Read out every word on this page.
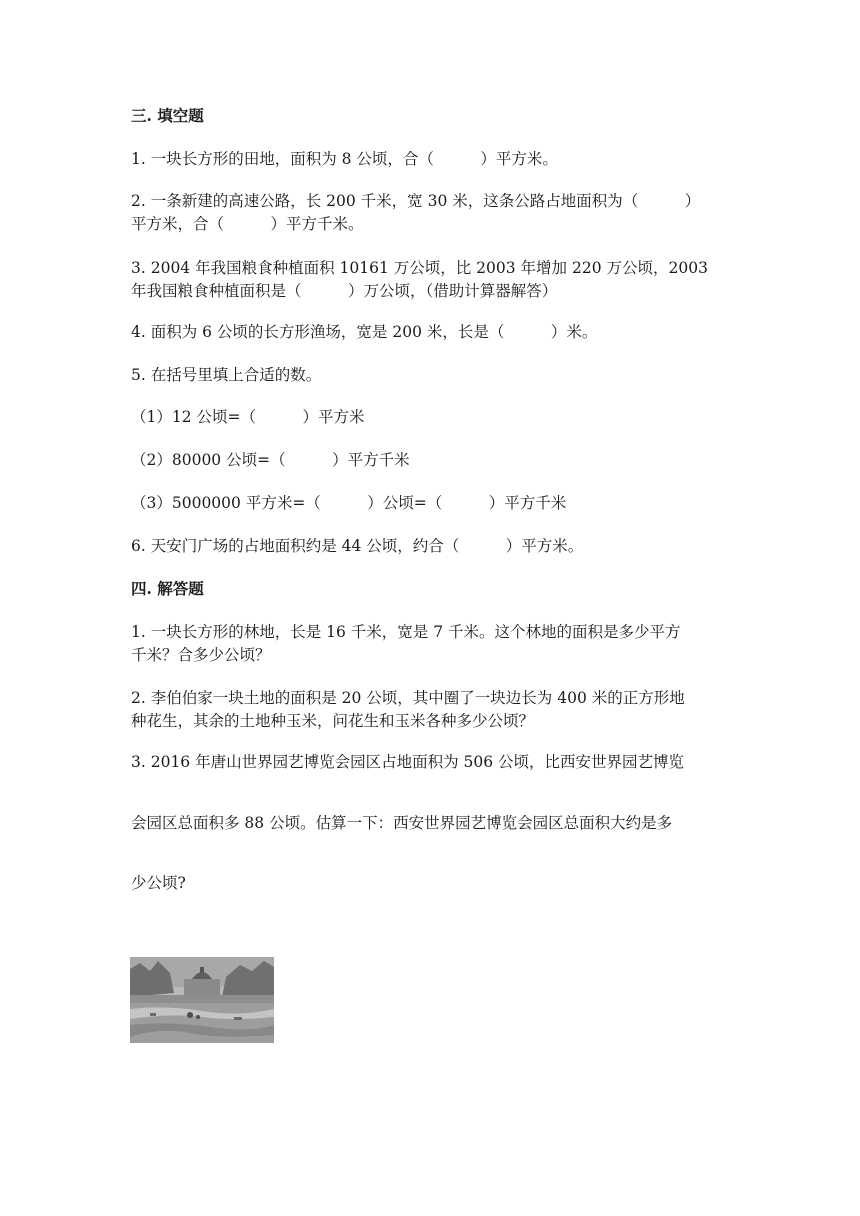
三. 填空题
1. 一块长方形的田地，面积为 8 公顷，合（　　　）平方米。
2. 一条新建的高速公路，长 200 千米，宽 30 米，这条公路占地面积为（　　　）
平方米，合（　　　）平方千米。
3. 2004 年我国粮食种植面积 10161 万公顷，比 2003 年增加 220 万公顷，2003
年我国粮食种植面积是（　　　）万公顷，（借助计算器解答）
4. 面积为 6 公顷的长方形渔场，宽是 200 米，长是（　　　）米。
5. 在括号里填上合适的数。
（1）12 公顷=（　　　）平方米
（2）80000 公顷=（　　　）平方千米
（3）5000000 平方米=（　　　）公顷=（　　　）平方千米
6. 天安门广场的占地面积约是 44 公顷，约合（　　　）平方米。
四. 解答题
1. 一块长方形的林地，长是 16 千米，宽是 7 千米。这个林地的面积是多少平方
千米？合多少公顷？
2. 李伯伯家一块土地的面积是 20 公顷，其中圈了一块边长为 400 米的正方形地
种花生，其余的土地种玉米，问花生和玉米各种多少公顷？
3. 2016 年唐山世界园艺博览会园区占地面积为 506 公顷，比西安世界园艺博览
会园区总面积多 88 公顷。估算一下：西安世界园艺博览会园区总面积大约是多
少公顷?
